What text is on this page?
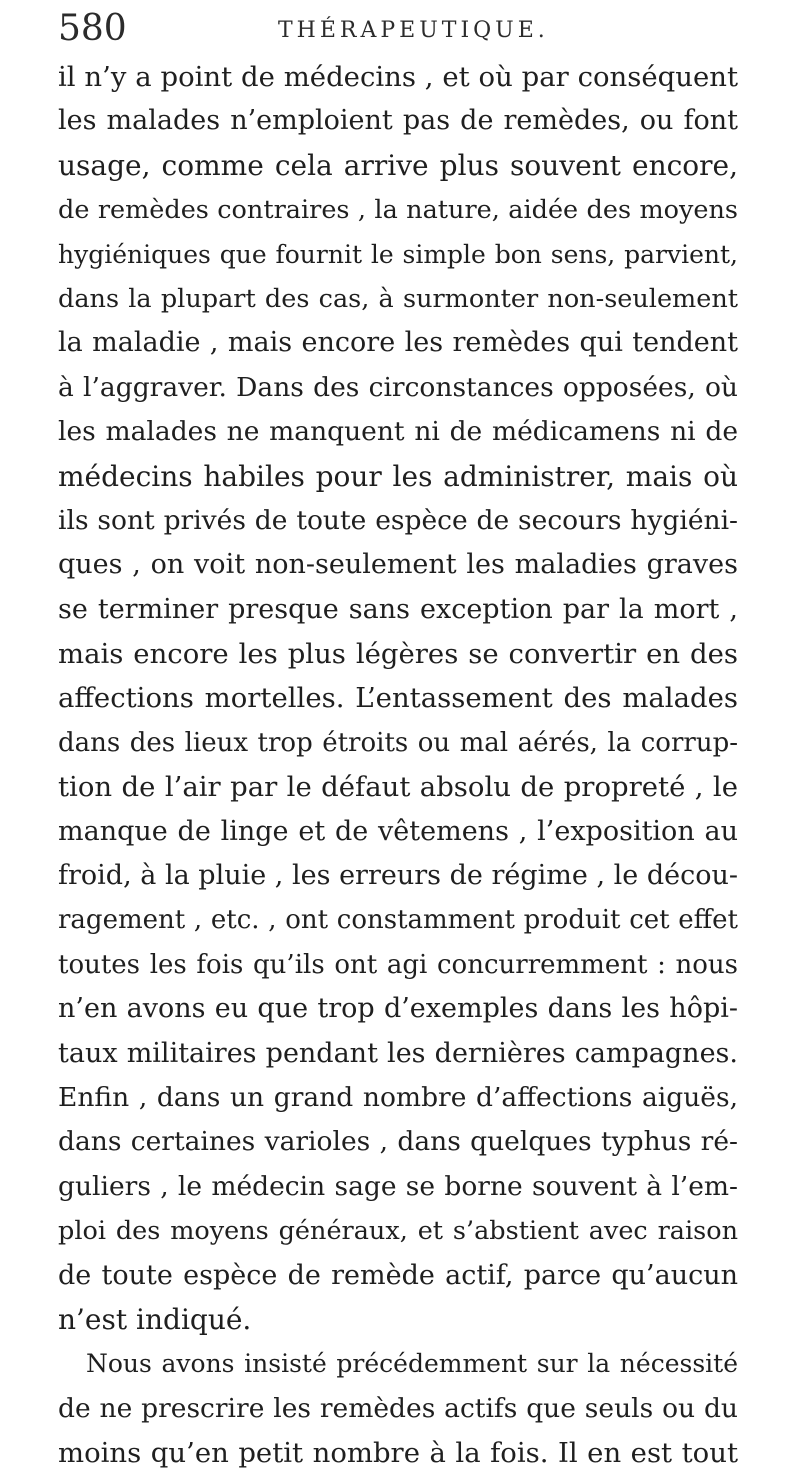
580	THÉRAPEUTIQUE.
il n’y a point de médecins , et où par conséquent
les malades n’emploient pas de remèdes, ou font
usage, comme cela arrive plus souvent encore,
de remèdes contraires , la nature, aidée des moyens
hygiéniques que fournit le simple bon sens, parvient,
dans la plupart des cas, à surmonter non-seulement
la maladie , mais encore les remèdes qui tendent
à l’aggraver. Dans des circonstances opposées, où
les malades ne manquent ni de médicamens ni de
médecins habiles pour les administrer, mais où
ils sont privés de toute espèce de secours hygiéni-
ques , on voit non-seulement les maladies graves
se terminer presque sans exception par la mort ,
mais encore les plus légères se convertir en des
affections mortelles. L’entassement des malades
dans des lieux trop étroits ou mal aérés, la corrup-
tion de l’air par le défaut absolu de propreté , le
manque de linge et de vêtemens , l’exposition au
froid, à la pluie , les erreurs de régime , le décou-
ragement , etc. , ont constamment produit cet effet
toutes les fois qu’ils ont agi concurremment : nous
n’en avons eu que trop d’exemples dans les hôpi-
taux militaires pendant les dernières campagnes.
Enfin , dans un grand nombre d’affections aiguës,
dans certaines varioles , dans quelques typhus ré-
guliers , le médecin sage se borne souvent à l’em-
ploi des moyens généraux, et s’abstient avec raison
de toute espèce de remède actif, parce qu’aucun
n’est indiqué.
Nous avons insisté précédemment sur la nécessité
de ne prescrire les remèdes actifs que seuls ou du
moins qu’en petit nombre à la fois. Il en est tout
